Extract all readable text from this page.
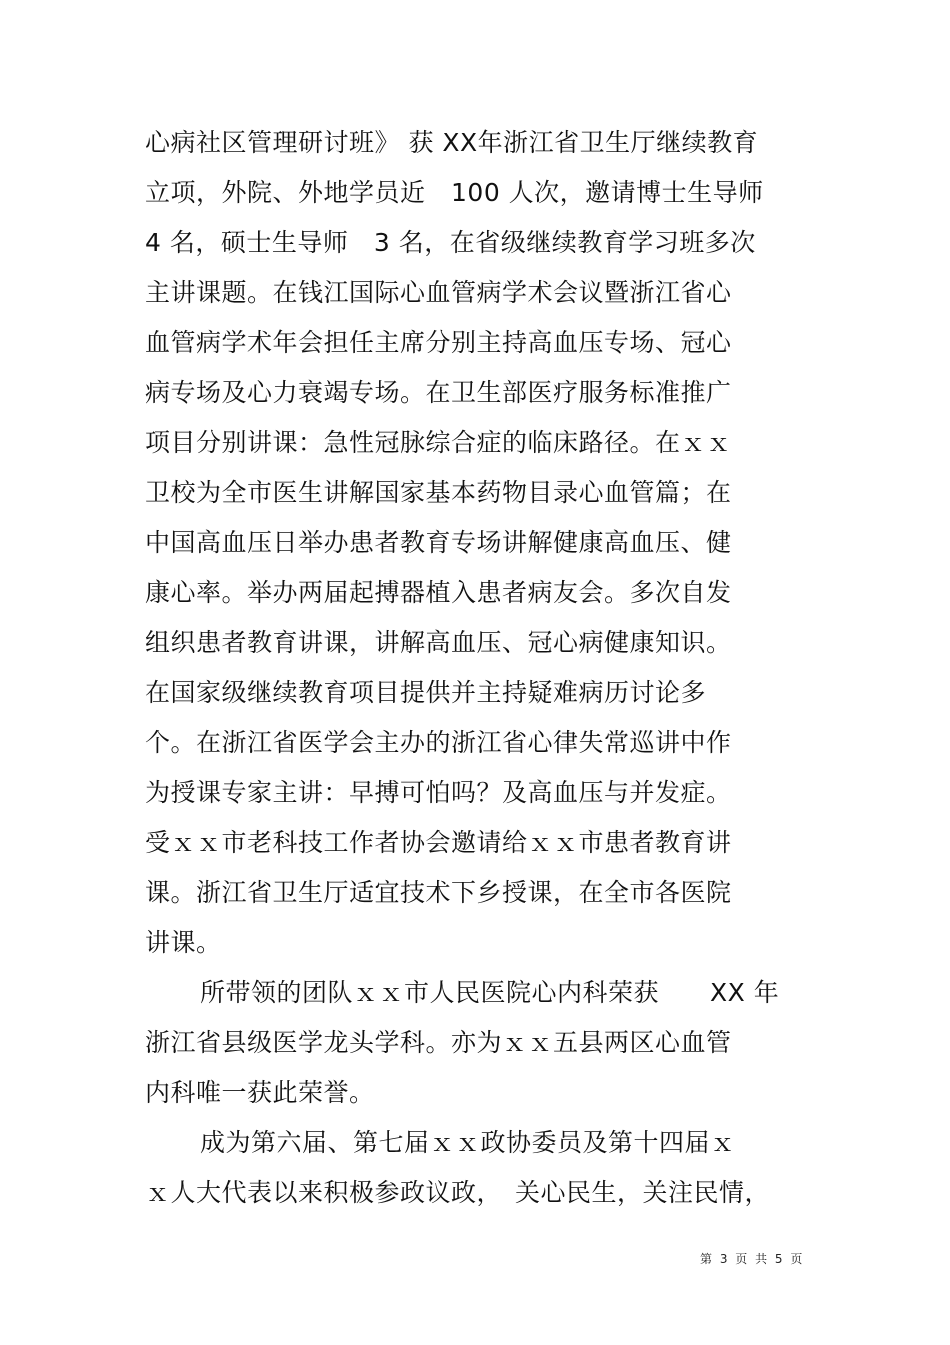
心病社区管理研讨班》 获 XX年浙江省卫生厅继续教育
立项，外院、外地学员近　100 人次，邀请博士生导师
4 名，硕士生导师　3 名，在省级继续教育学习班多次
主讲课题。在钱江国际心血管病学术会议暨浙江省心
血管病学术年会担任主席分别主持高血压专场、冠心
病专场及心力衰竭专场。在卫生部医疗服务标准推广
项目分别讲课：急性冠脉综合症的临床路径。在ｘｘ
卫校为全市医生讲解国家基本药物目录心血管篇；在
中国高血压日举办患者教育专场讲解健康高血压、健
康心率。举办两届起搏器植入患者病友会。多次自发
组织患者教育讲课，讲解高血压、冠心病健康知识。
在国家级继续教育项目提供并主持疑难病历讨论多
个。在浙江省医学会主办的浙江省心律失常巡讲中作
为授课专家主讲：早搏可怕吗？及高血压与并发症。
受ｘｘ市老科技工作者协会邀请给ｘｘ市患者教育讲
课。浙江省卫生厅适宜技术下乡授课，在全市各医院
讲课。
所带领的团队ｘｘ市人民医院心内科荣获　　XX 年
浙江省县级医学龙头学科。亦为ｘｘ五县两区心血管
内科唯一获此荣誉。
成为第六届、第七届ｘｘ政协委员及第十四届ｘ
ｘ人大代表以来积极参政议政，　关心民生，关注民情，
第 3 页 共 5 页
